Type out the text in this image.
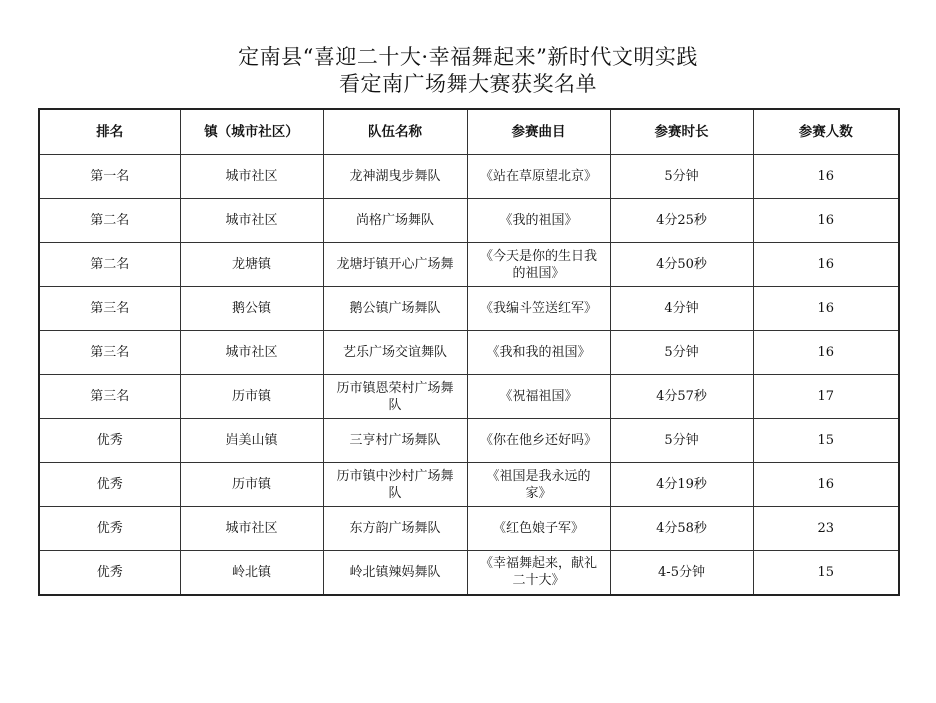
定南县“喜迎二十大·幸福舞起来”新时代文明实践
看定南广场舞大赛获奖名单
排名	镇（城市社区）	队伍名称	参赛曲目	参赛时长	参赛人数
第一名	城市社区	龙神湖曳步舞队	《站在草原望北京》	5分钟	16
第二名	城市社区	尚格广场舞队	《我的祖国》	4分25秒	16
第二名	龙塘镇	龙塘圩镇开心广场舞	《今天是你的生日我的祖国》	4分50秒	16
第三名	鹅公镇	鹅公镇广场舞队	《我编斗笠送红军》	4分钟	16
第三名	城市社区	艺乐广场交谊舞队	《我和我的祖国》	5分钟	16
第三名	历市镇	历市镇恩荣村广场舞队	《祝福祖国》	4分57秒	17
优秀	岿美山镇	三亨村广场舞队	《你在他乡还好吗》	5分钟	15
优秀	历市镇	历市镇中沙村广场舞队	《祖国是我永远的家》	4分19秒	16
优秀	城市社区	东方韵广场舞队	《红色娘子军》	4分58秒	23
优秀	岭北镇	岭北镇辣妈舞队	《幸福舞起来，献礼二十大》	4-5分钟	15
